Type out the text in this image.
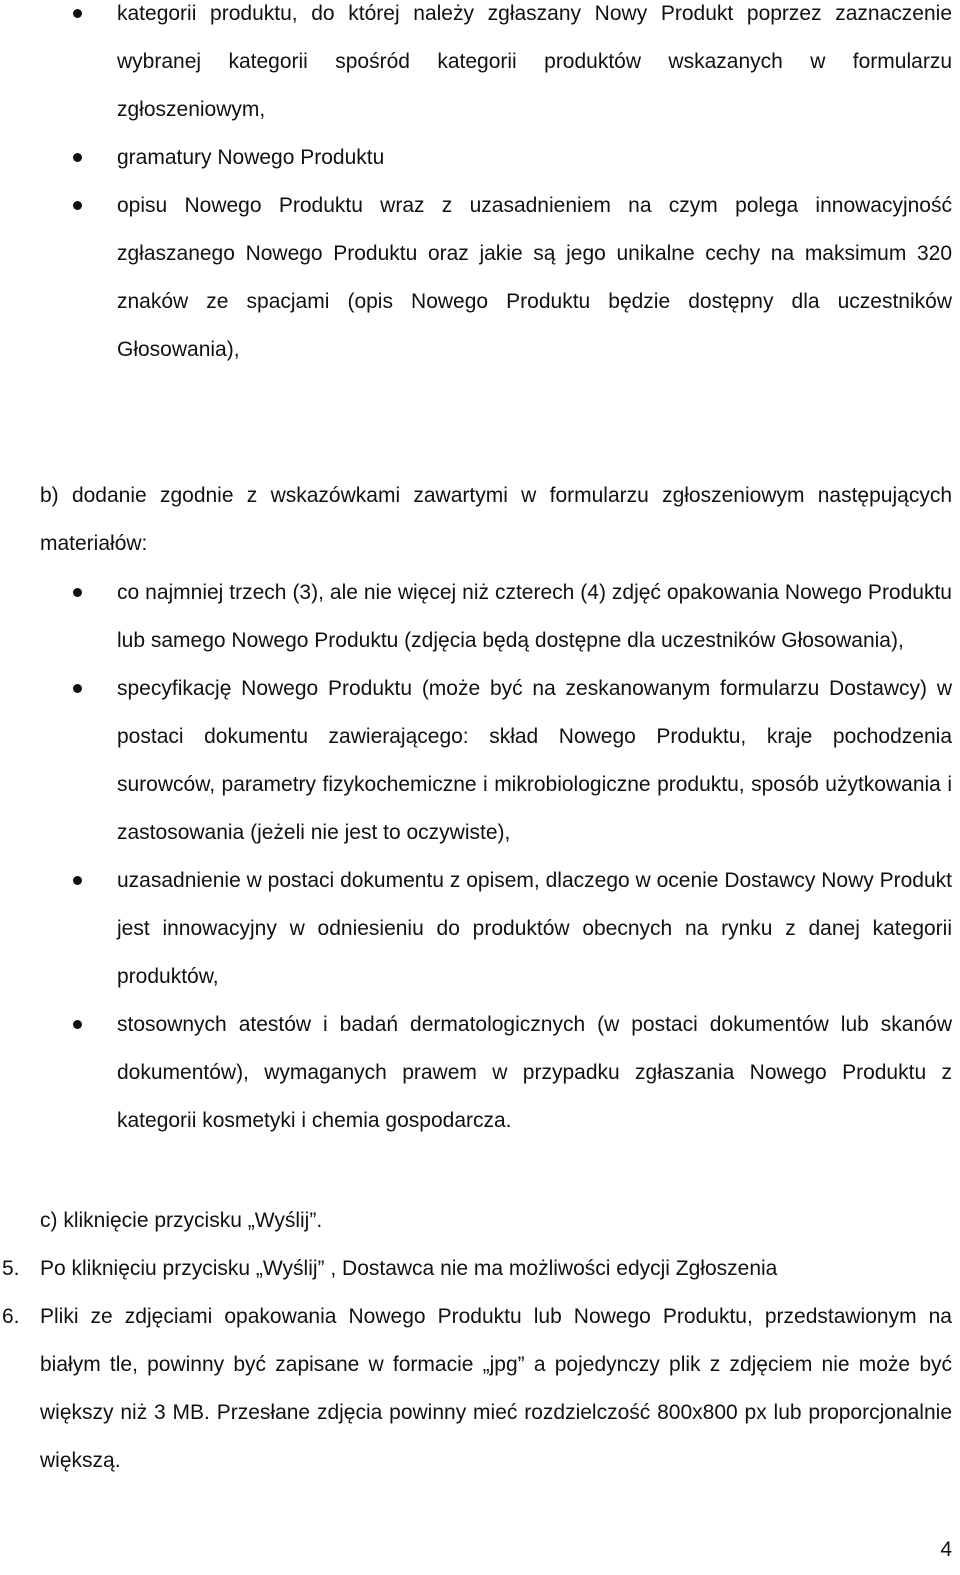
kategorii produktu, do której należy zgłaszany Nowy Produkt poprzez zaznaczenie wybranej kategorii spośród kategorii produktów wskazanych w formularzu zgłoszeniowym,
gramatury Nowego Produktu
opisu Nowego Produktu wraz z uzasadnieniem na czym polega innowacyjność zgłaszanego Nowego Produktu oraz jakie są jego unikalne cechy na maksimum 320 znaków ze spacjami (opis Nowego Produktu będzie dostępny dla uczestników Głosowania),

b) dodanie zgodnie z wskazówkami zawartymi w formularzu zgłoszeniowym następujących materiałów:

co najmniej trzech (3), ale nie więcej niż czterech (4) zdjęć opakowania Nowego Produktu lub samego Nowego Produktu (zdjęcia będą dostępne dla uczestników Głosowania),
specyfikację Nowego Produktu (może być na zeskanowanym formularzu Dostawcy) w postaci dokumentu zawierającego: skład Nowego Produktu, kraje pochodzenia surowców, parametry fizykochemiczne i mikrobiologiczne produktu, sposób użytkowania i zastosowania (jeżeli nie jest to oczywiste),
uzasadnienie w postaci dokumentu z opisem, dlaczego w ocenie Dostawcy Nowy Produkt jest innowacyjny w odniesieniu do produktów obecnych na rynku z danej kategorii produktów,
stosownych atestów i badań dermatologicznych (w postaci dokumentów lub skanów dokumentów), wymaganych prawem w przypadku zgłaszania Nowego Produktu z kategorii kosmetyki i chemia gospodarcza.

c) kliknięcie przycisku „Wyślij”.

5. Po kliknięciu przycisku „Wyślij” , Dostawca nie ma możliwości edycji Zgłoszenia
6. Pliki ze zdjęciami opakowania Nowego Produktu lub Nowego Produktu, przedstawionym na białym tle, powinny być zapisane w formacie „jpg” a pojedynczy plik z zdjęciem nie może być większy niż 3 MB. Przesłane zdjęcia powinny mieć rozdzielczość 800x800 px lub proporcjonalnie większą.
4
